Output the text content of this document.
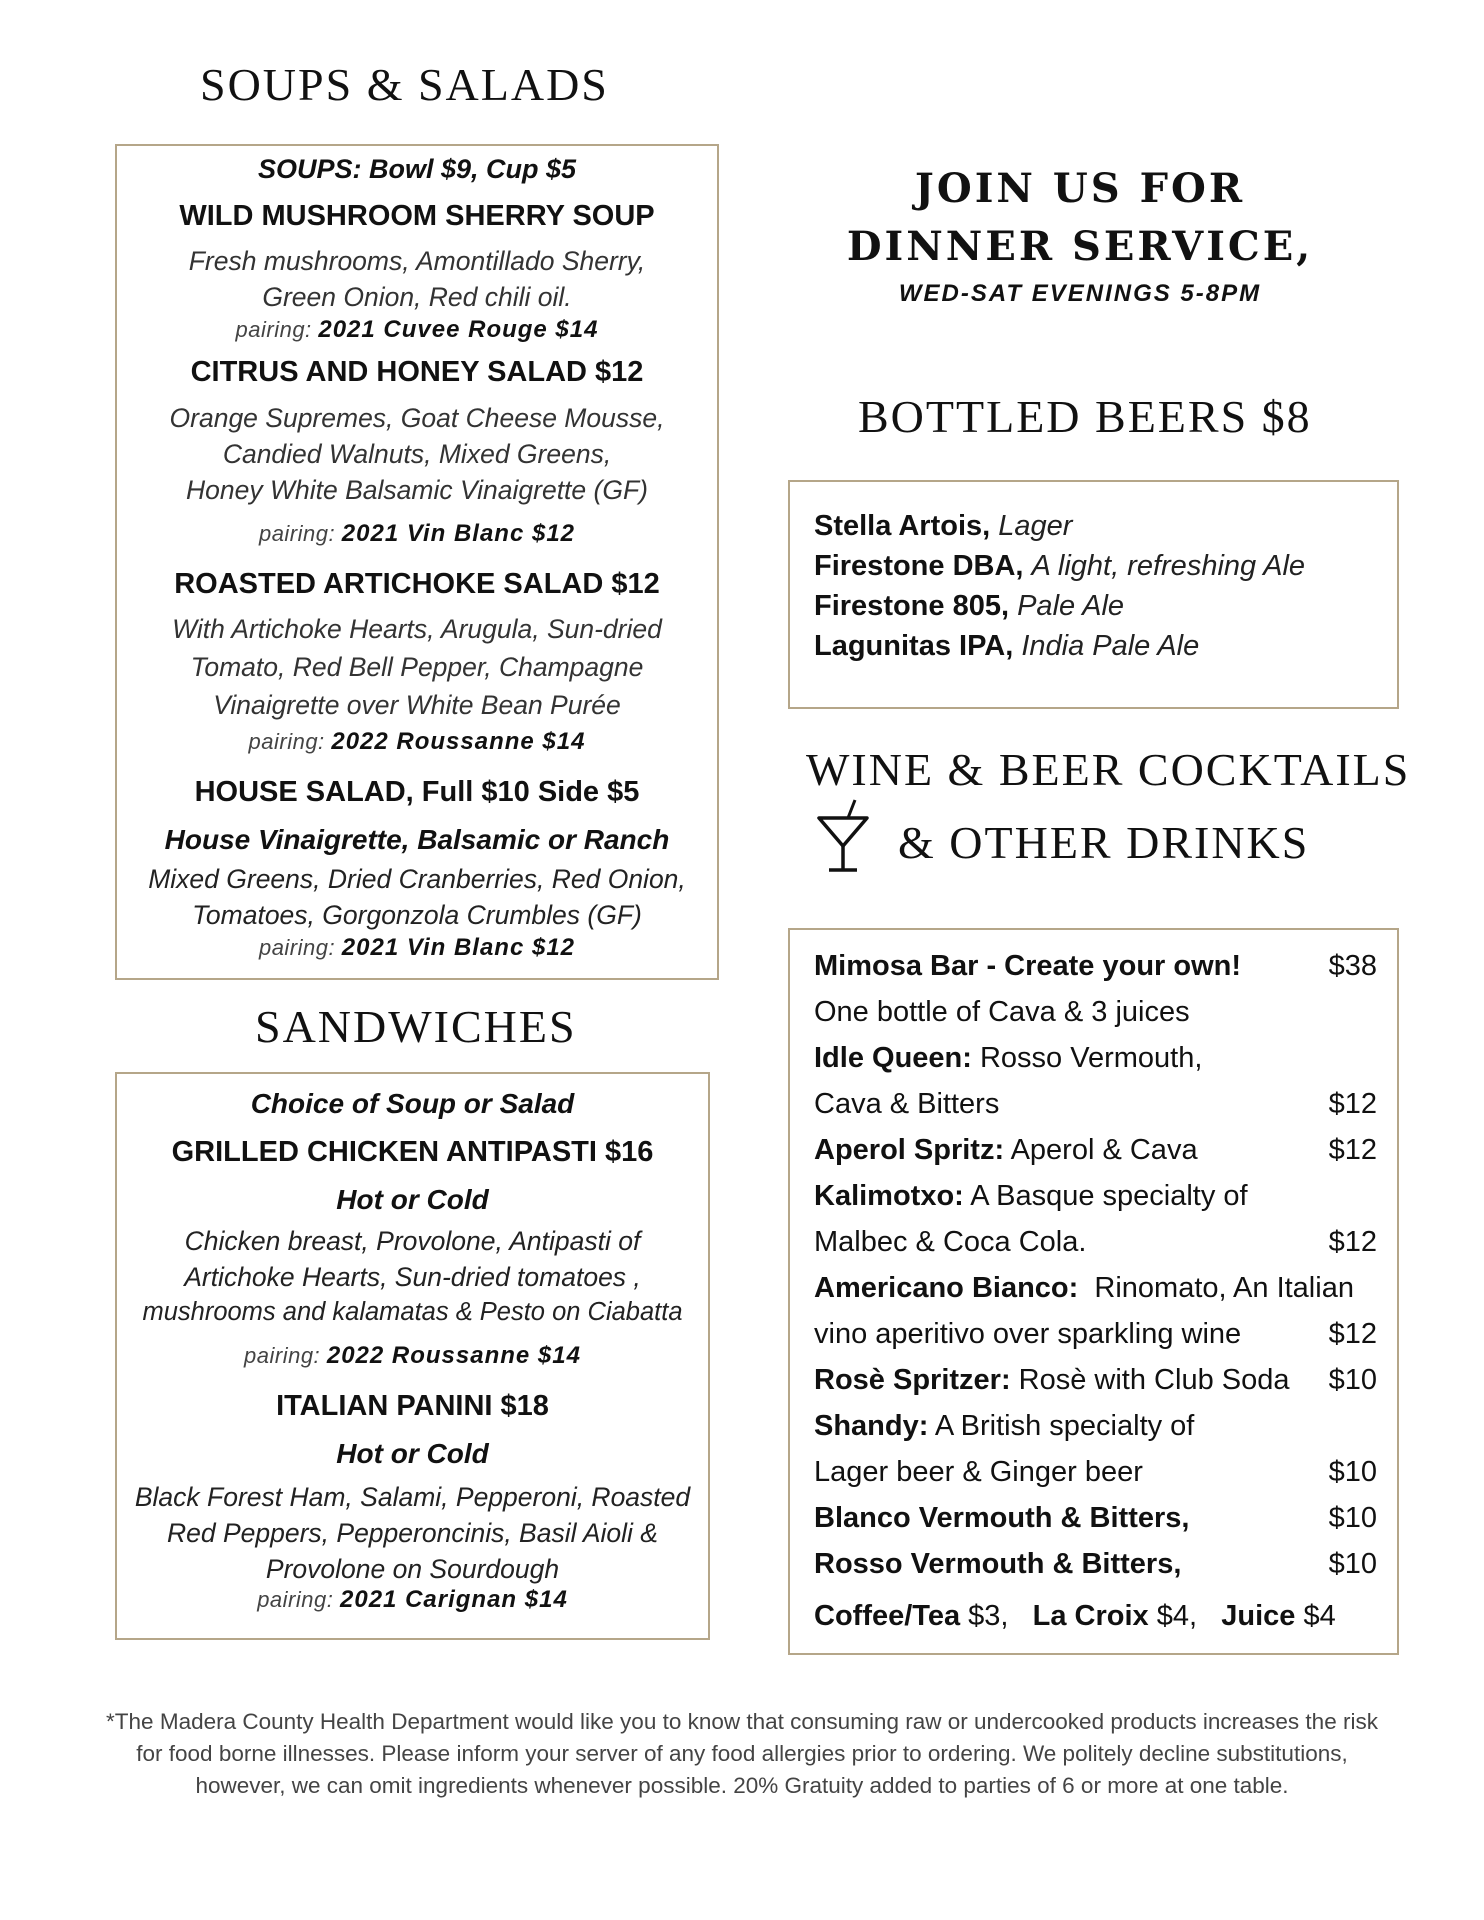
SOUPS & SALADS
SOUPS: Bowl $9, Cup $5
WILD MUSHROOM SHERRY SOUP
Fresh mushrooms, Amontillado Sherry,
Green Onion, Red chili oil.
pairing: 2021 Cuvee Rouge $14
CITRUS AND HONEY SALAD $12
Orange Supremes, Goat Cheese Mousse,
Candied Walnuts, Mixed Greens,
Honey White Balsamic Vinaigrette (GF)
pairing: 2021 Vin Blanc $12
ROASTED ARTICHOKE SALAD $12
With Artichoke Hearts, Arugula, Sun-dried
Tomato, Red Bell Pepper, Champagne
Vinaigrette over White Bean Purée
pairing: 2022 Roussanne $14
HOUSE SALAD, Full $10 Side $5
House Vinaigrette, Balsamic or Ranch
Mixed Greens, Dried Cranberries, Red Onion,
Tomatoes, Gorgonzola Crumbles (GF)
pairing: 2021 Vin Blanc $12
SANDWICHES
Choice of Soup or Salad
GRILLED CHICKEN ANTIPASTI $16
Hot or Cold
Chicken breast, Provolone, Antipasti of
Artichoke Hearts, Sun-dried tomatoes ,
mushrooms and kalamatas & Pesto on Ciabatta
pairing: 2022 Roussanne $14
ITALIAN PANINI $18
Hot or Cold
Black Forest Ham, Salami, Pepperoni, Roasted
Red Peppers, Pepperoncinis, Basil Aioli &
Provolone on Sourdough
pairing: 2021 Carignan $14
JOIN US FOR
DINNER SERVICE,
WED-SAT EVENINGS 5-8PM
BOTTLED BEERS $8
Stella Artois, Lager
Firestone DBA, A light, refreshing Ale
Firestone 805, Pale Ale
Lagunitas IPA, India Pale Ale
WINE & BEER COCKTAILS
& OTHER DRINKS
Mimosa Bar - Create your own!	$38
One bottle of Cava & 3 juices
Idle Queen: Rosso Vermouth,
Cava & Bitters	$12
Aperol Spritz: Aperol & Cava	$12
Kalimotxo: A Basque specialty of
Malbec & Coca Cola.	$12
Americano Bianco:  Rinomato, An Italian
vino aperitivo over sparkling wine	$12
Rosè Spritzer: Rosè with Club Soda $10
Shandy: A British specialty of
Lager beer & Ginger beer	$10
Blanco Vermouth & Bitters,	$10
Rosso Vermouth & Bitters,	$10
Coffee/Tea $3, La Croix $4, Juice $4
*The Madera County Health Department would like you to know that consuming raw or undercooked products increases the risk
for food borne illnesses. Please inform your server of any food allergies prior to ordering. We politely decline substitutions,
however, we can omit ingredients whenever possible. 20% Gratuity added to parties of 6 or more at one table.
